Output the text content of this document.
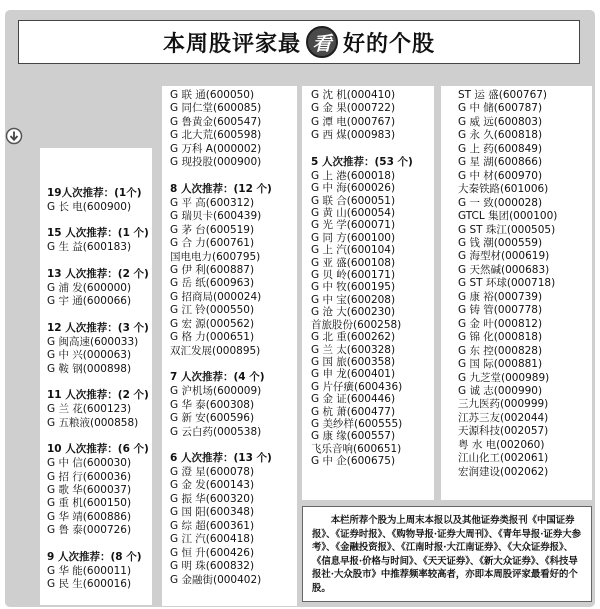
本周股评家最 看 好的个股
19人次推荐：(1个)
G 长 电(600900)
15 人次推荐：(1 个)
G 生 益(600183)
13 人次推荐：(2 个)
G 浦 发(600000)
G 宇 通(600066)
12 人次推荐：(3 个)
G 闽高速(600033)
G 中 兴(000063)
G 鞍 钢(000898)
11 人次推荐：(2 个)
G 兰 花(600123)
G 五粮液(000858)
10 人次推荐：(6 个)
G 中 信(600030)
G 招 行(600036)
G 歌 华(600037)
G 重 机(600150)
G 华 靖(600886)
G 鲁 泰(000726)
9 人次推荐：(8 个)
G 华 能(600011)
G 民 生(600016)
G 联 通(600050)
G 同仁堂(600085)
G 鲁黄金(600547)
G 北大荒(600598)
G 万科 A(000002)
G 现投股(000900)
8 人次推荐：(12 个)
G 平 高(600312)
G 瑞贝卡(600439)
G 茅 台(600519)
G 合 力(600761)
国电电力(600795)
G 伊 利(600887)
G 岳 纸(600963)
G 招商局(000024)
G 江 铃(000550)
G 宏 源(000562)
G 格 力(000651)
双汇发展(000895)
7 人次推荐：(4 个)
G 沪机场(600009)
G 华 泰(600308)
G 新 安(600596)
G 云白药(000538)
6 人次推荐：(13 个)
G 澄 星(600078)
G 金 发(600143)
G 振 华(600320)
G 国 阳(600348)
G 综 超(600361)
G 江 汽(600418)
G 恒 升(600426)
G 明 珠(600832)
G 金融街(000402)
G 沈 机(000410)
G 金 果(000722)
G 潭 电(000767)
G 西 煤(000983)
5 人次推荐：(53 个)
G 上 港(600018)
G 中 海(600026)
G 联 合(600051)
G 黄 山(600054)
G 光 学(600071)
G 同 方(600100)
G 上 汽(600104)
G 亚 盛(600108)
G 贝 岭(600171)
G 中 牧(600195)
G 中 宝(600208)
G 沧 大(600230)
首旅股份(600258)
G 北 重(600262)
G 兰 太(600328)
G 国 旅(600358)
G 申 龙(600401)
G 片仔癀(600436)
G 金 证(600446)
G 杭 萧(600477)
G 美纱样(600555)
G 康 缘(600557)
飞乐音响(600651)
G 中 企(600675)
ST 运 盛(600767)
G 中 储(600787)
G 威 远(600803)
G 永 久(600818)
G 上 药(600849)
G 星 湖(600866)
G 中 材(600970)
大秦铁路(601006)
G 一 致(000028)
GTCL 集团(000100)
G ST 珠江(000505)
G 钱 潮(000559)
G 海型材(000619)
G 天然碱(000683)
G ST 环球(000718)
G 康 裕(000739)
G 铸 管(000778)
G 金 叶(000812)
G 锦 化(000818)
G 东 控(000828)
G 国 际(000881)
G 九芝堂(000989)
G 诚 志(000990)
三九医药(000999)
江苏三友(002044)
天源科技(002057)
粤 水 电(002060)
江山化工(002061)
宏润建设(002062)
本栏所荐个股为上周末本报以及其他证券类报刊《中国证券报》、《证券时报》、《购物导报·证券大周刊》、《青年导报·证券大参考》、《金融投资报》、《江南时报·大江南证券》、《大众证券报》、《信息早报·价格与时间》、《天天证券》、《新大众证券》、《科技导报社·大众股市》中推荐频率较高者，亦即本周股评家最看好的个股。
